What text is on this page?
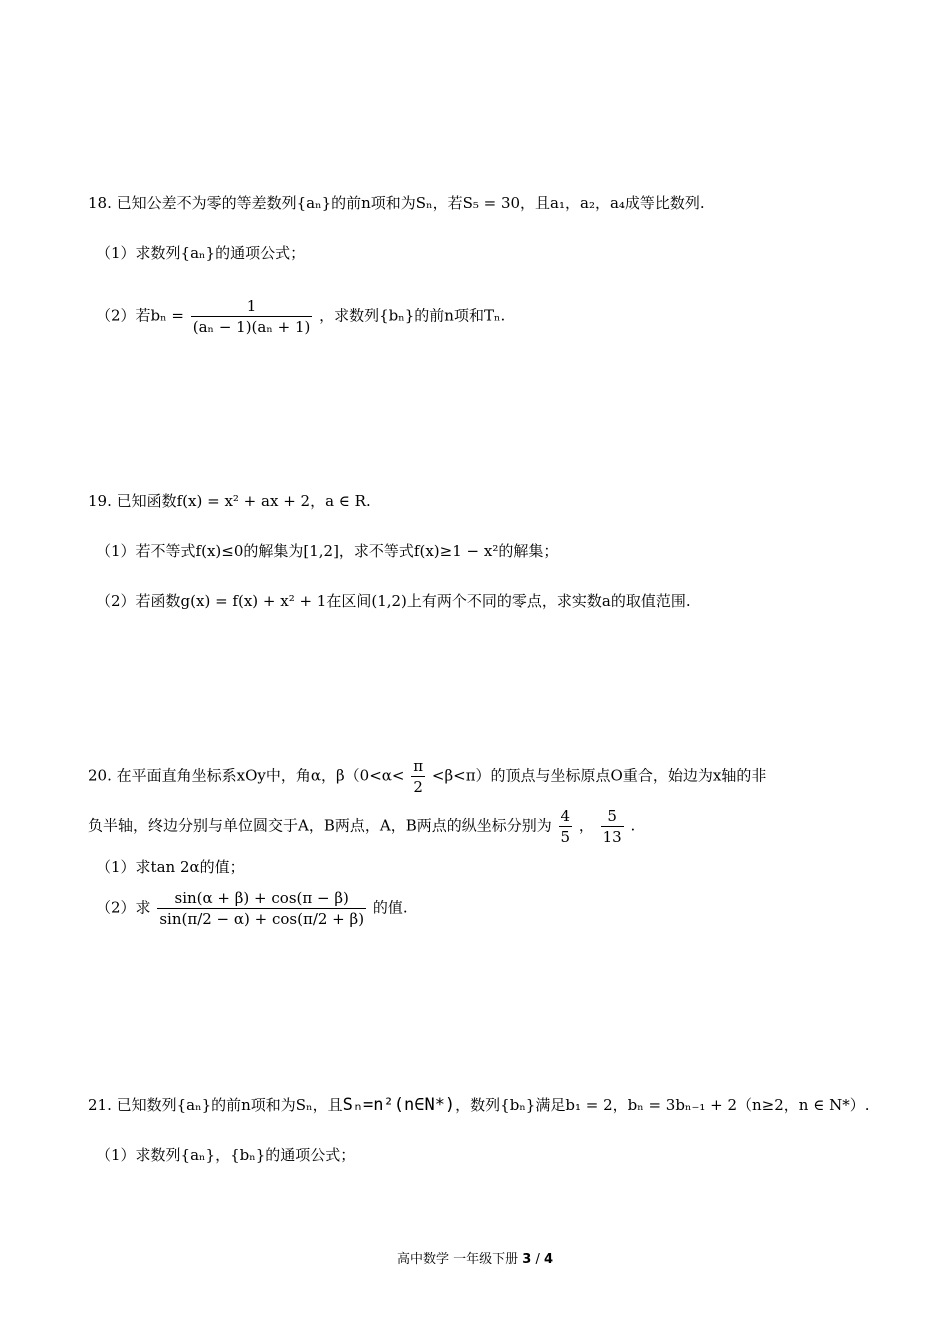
18. 已知公差不为零的等差数列{aₙ}的前n项和为Sₙ，若S₅ = 30，且a₁，a₂，a₄成等比数列.
（1）求数列{aₙ}的通项公式；
（2）若$b_n = \frac{1}{\text{(aₙ − 1)(aₙ + 1)}}$ ，求数列{bₙ}的前n项和Tₙ.
19. 已知函数f(x) = x² + ax + 2，a ∈ R.
（1）若不等式f(x)≤0的解集为[1,2]，求不等式f(x)≥1 − x²的解集；
（2）若函数g(x) = f(x) + x² + 1在区间(1,2)上有两个不同的零点，求实数a的取值范围.
20. 在平面直角坐标系xOy中，角α，$\beta(0<\alpha< \frac{\pi}{2} <\beta<\pi)$的顶点与坐标原点O重合，始边为x轴的非
负半轴，终边分别与单位圆交于A，B两点，A，B两点的纵坐标分别为 $\frac{4}{5}$ ， $\frac{5}{13}$ .
（1）求tan 2α的值；
（2）求 $\frac{\sin(\alpha + \beta) + \cos(\pi - \beta)}{\sin(\pi/2 - \alpha) + \cos(\pi/2 + \beta)}$ 的值.
21. 已知数列{aₙ}的前n项和为Sₙ，且Sₙ=n²(n∈N*)，数列{bₙ}满足b₁ = 2，bₙ = 3bₙ₋₁ + 2（n≥2，n ∈ N*）.
（1）求数列{aₙ}，{bₙ}的通项公式；
高中数学 一年级下册 3 / 4
